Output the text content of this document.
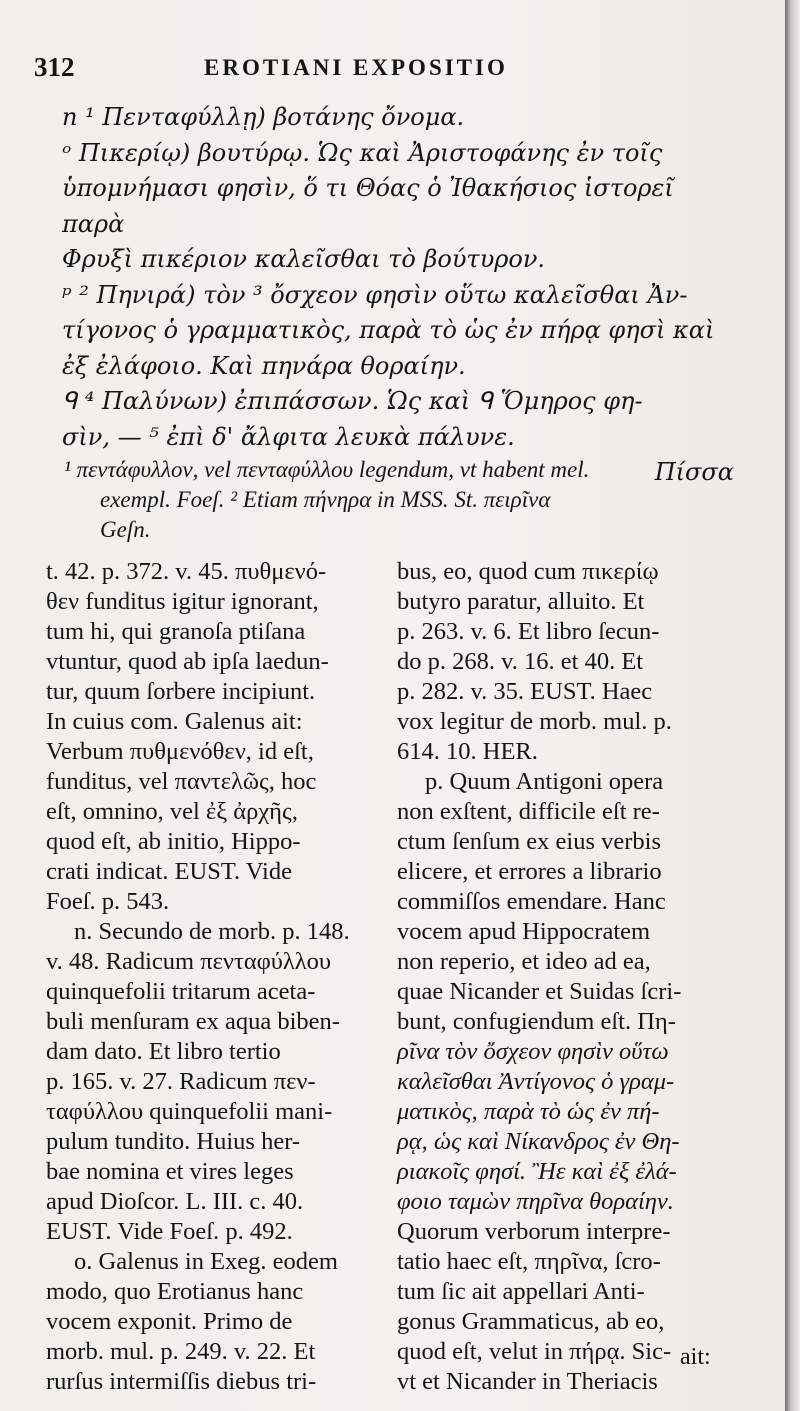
312	EROTIANI EXPOSITIO

n ¹ Πενταφύλλῃ) βοτάνης ὄνομα.

ᵒ Πικερίῳ) βουτύρῳ. Ὡς καὶ Ἀριστοφάνης ἐν τοῖς

ὑπομνήμασι φησὶν, ὅ τι Θόας ὁ Ἰθακήσιος ἱστορεῖ παρὰ

Φρυξὶ πικέριον καλεῖσθαι τὸ βούτυρον.

ᵖ ² Πηνιρά) τὸν ³ ὄσχεον φησὶν οὕτω καλεῖσθαι Ἀν-

τίγονος ὁ γραμματικὸς, παρὰ τὸ ὡς ἐν πήρᾳ φησὶ καὶ

ἐξ ἐλάφοιο. Καὶ πηνάρα θοραίην.

ᑫ ⁴ Παλύνων) ἐπιπάσσων. Ὡς καὶ ᑫ Ὅμηρος φη-

σὶν, — ⁵ ἐπὶ δ' ἄλφιτα λευκὰ πάλυνε.

Πίσσα

¹ πεντάφυλλον, vel πενταφύλλου legendum, vt habent mel.

exempl. Foeſ. ² Etiam πήνηρα in MSS. St. πειρῖνα

Geſn.

t. 42. p. 372. v. 45. πυθμενό-

θεν funditus igitur ignorant,

tum hi, qui granoſa ptiſana

vtuntur, quod ab ipſa laedun-

tur, quum ſorbere incipiunt.

In cuius com. Galenus ait:

Verbum πυθμενόθεν, id eſt,

funditus, vel παντελῶς, hoc

eſt, omnino, vel ἐξ ἀρχῆς,

quod eſt, ab initio, Hippo-

crati indicat. EUST. Vide

Foeſ. p. 543.

n. Secundo de morb. p. 148.

v. 48. Radicum πενταφύλλου

quinquefolii tritarum aceta-

buli menſuram ex aqua biben-

dam dato. Et libro tertio

p. 165. v. 27. Radicum πεν-

ταφύλλου quinquefolii mani-

pulum tundito. Huius her-

bae nomina et vires leges

apud Dioſcor. L. III. c. 40.

EUST. Vide Foeſ. p. 492.

o. Galenus in Exeg. eodem

modo, quo Erotianus hanc

vocem exponit. Primo de

morb. mul. p. 249. v. 22. Et

rurſus intermiſſis diebus tri-

bus, eo, quod cum πικερίῳ

butyro paratur, alluito. Et

p. 263. v. 6. Et libro ſecun-

do p. 268. v. 16. et 40. Et

p. 282. v. 35. EUST. Haec

vox legitur de morb. mul. p.

614. 10. HER.

p. Quum Antigoni opera

non exſtent, difficile eſt re-

ctum ſenſum ex eius verbis

elicere, et errores a librario

commiſſos emendare. Hanc

vocem apud Hippocratem

non reperio, et ideo ad ea,

quae Nicander et Suidas ſcri-

bunt, confugiendum eſt. Πη-

ρῖνα τὸν ὄσχεον φησὶν οὕτω

καλεῖσθαι Ἀντίγονος ὁ γραμ-

ματικὸς, παρὰ τὸ ὡς ἐν πή-

ρᾳ, ὡς καὶ Νίκανδρος ἐν Θη-

ριακοῖς φησί. Ἢε καὶ ἐξ ἐλά-

φοιο ταμὼν πηρῖνα θοραίην.

Quorum verborum interpre-

tatio haec eſt, πηρῖνα, ſcro-

tum ſic ait appellari Anti-

gonus Grammaticus, ab eo,

quod eſt, velut in πήρᾳ. Sic-

vt et Nicander in Theriacis

ait:
